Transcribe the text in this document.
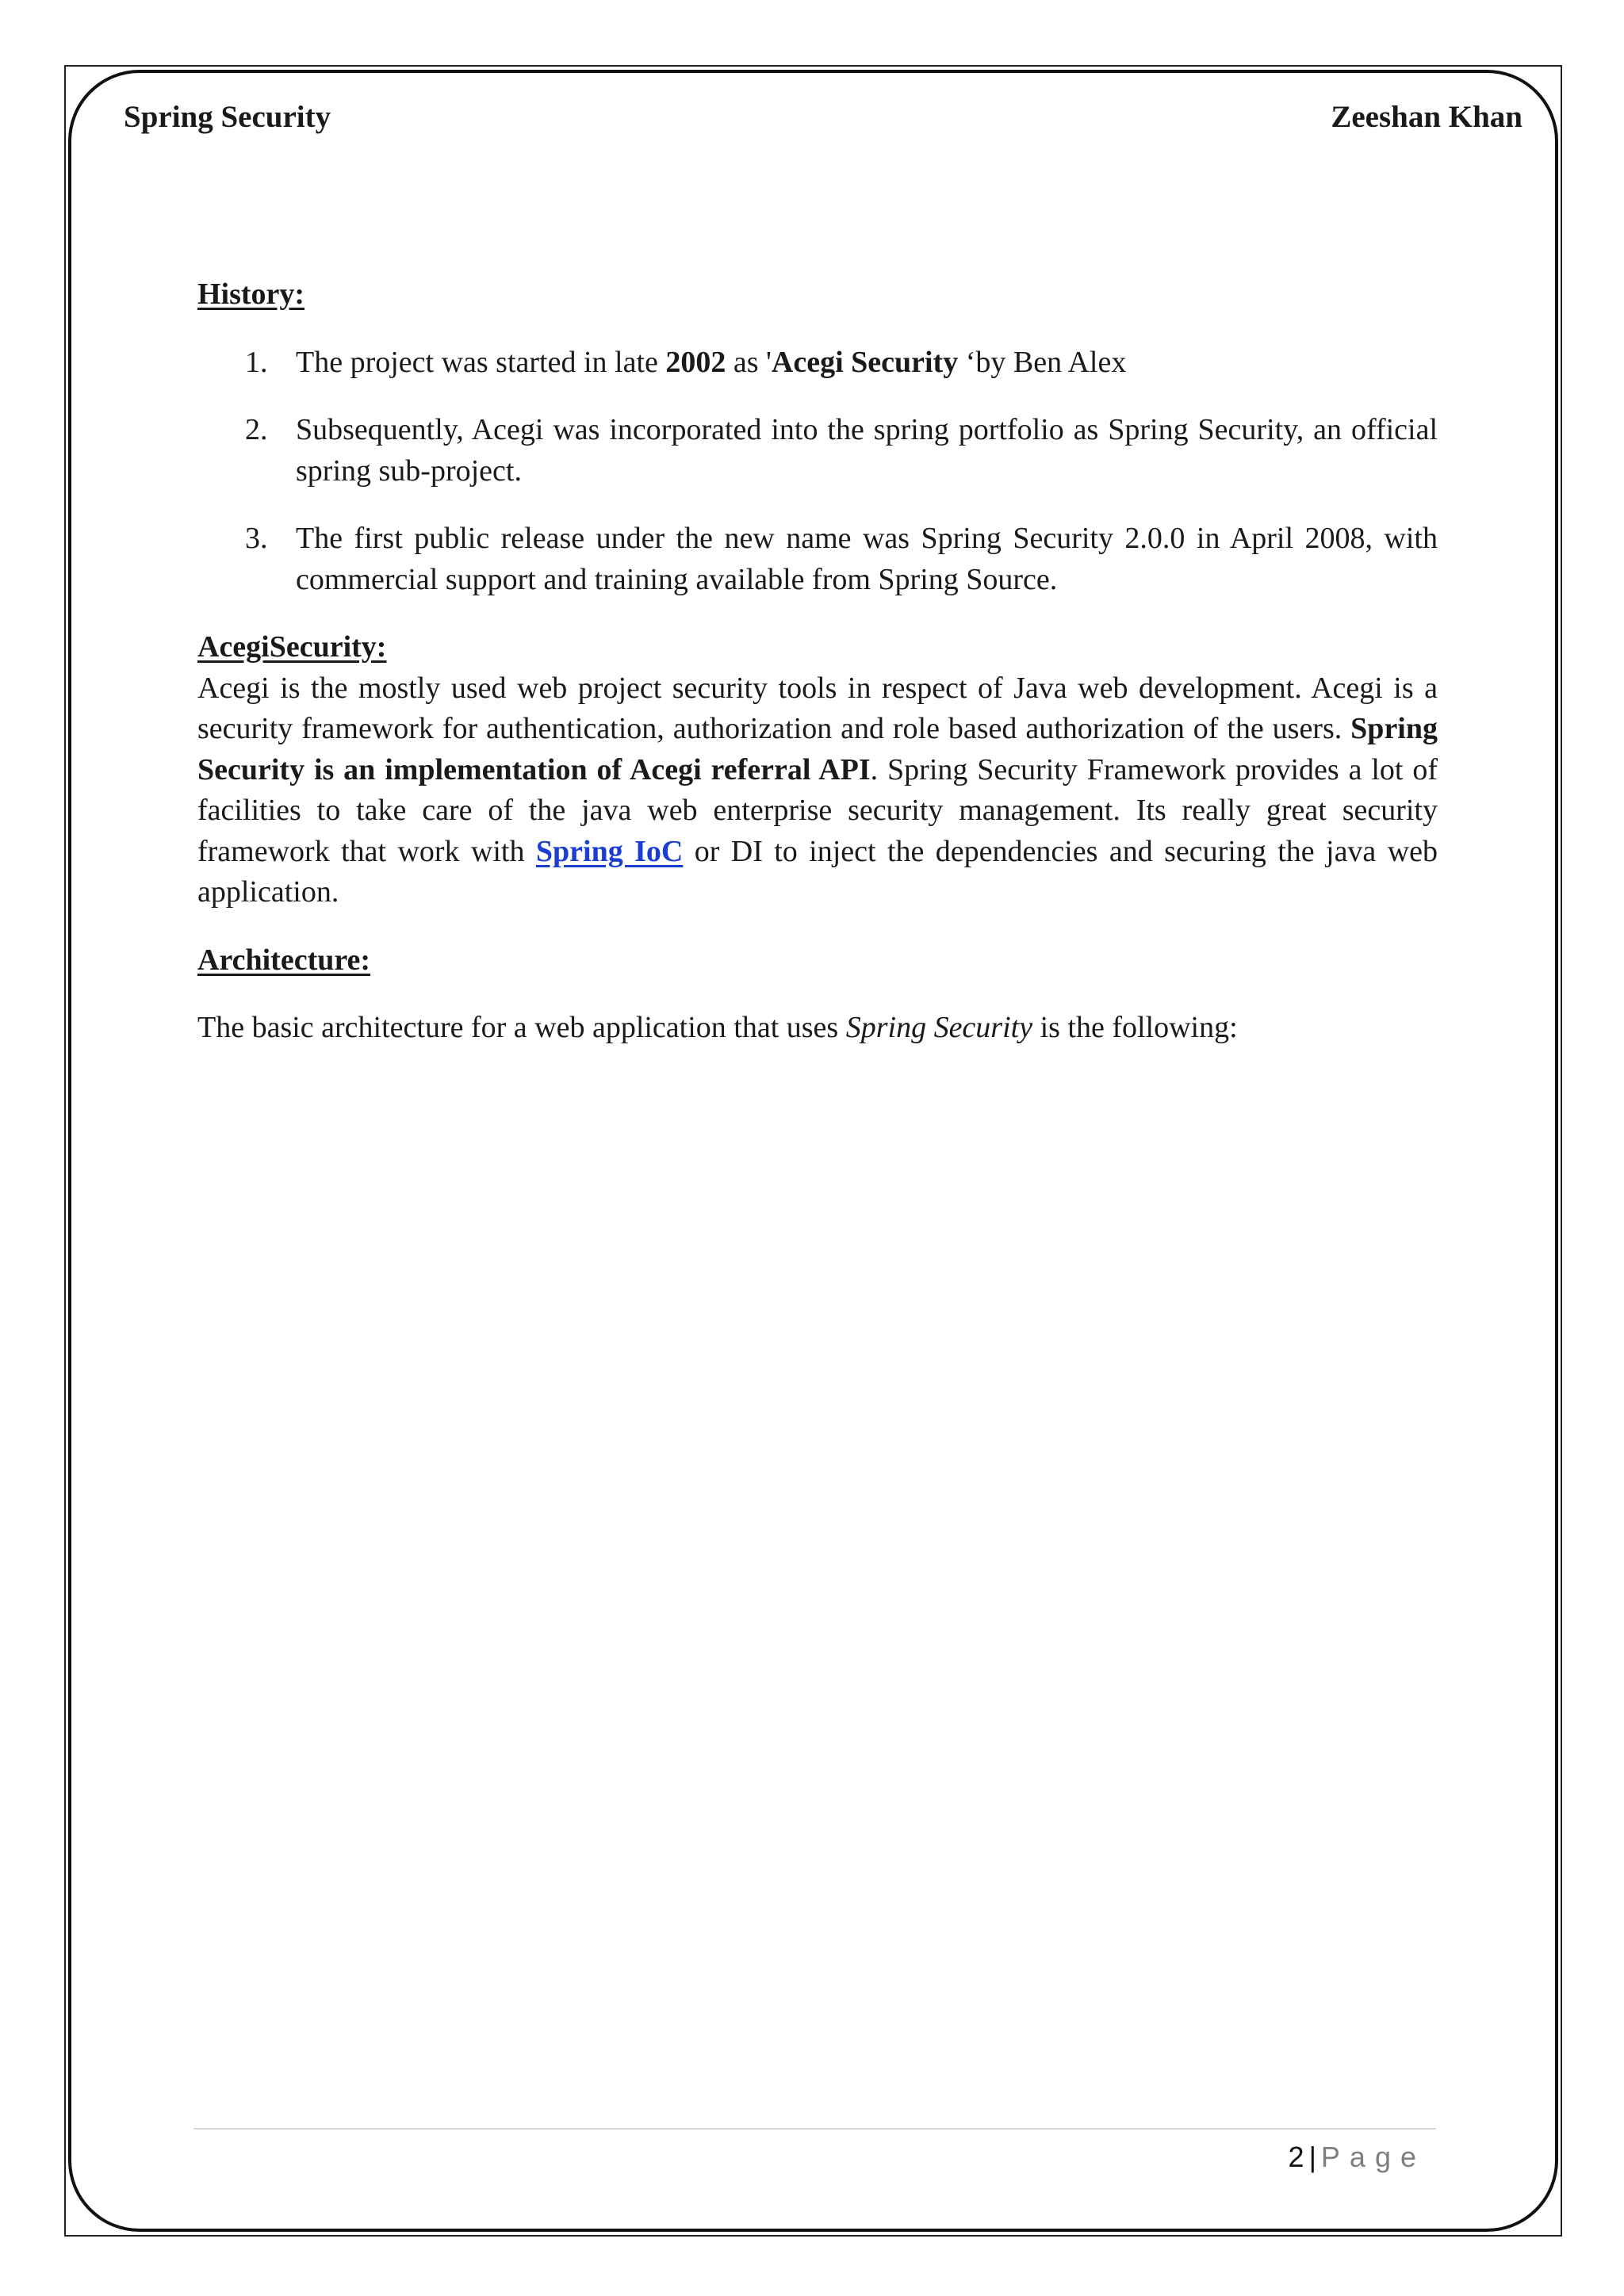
Spring Security	Zeeshan Khan
History:
1. The project was started in late 2002 as 'Acegi Security ‘by Ben Alex
2. Subsequently, Acegi was incorporated into the spring portfolio as Spring Security, an official spring sub-project.
3. The first public release under the new name was Spring Security 2.0.0 in April 2008, with commercial support and training available from Spring Source.
AcegiSecurity:
Acegi is the mostly used web project security tools in respect of Java web development. Acegi is a security framework for authentication, authorization and role based authorization of the users. Spring Security is an implementation of Acegi referral API. Spring Security Framework provides a lot of facilities to take care of the java web enterprise security management. Its really great security framework that work with Spring IoC or DI to inject the dependencies and securing the java web application.
Architecture:
The basic architecture for a web application that uses Spring Security is the following:
2 | Page
